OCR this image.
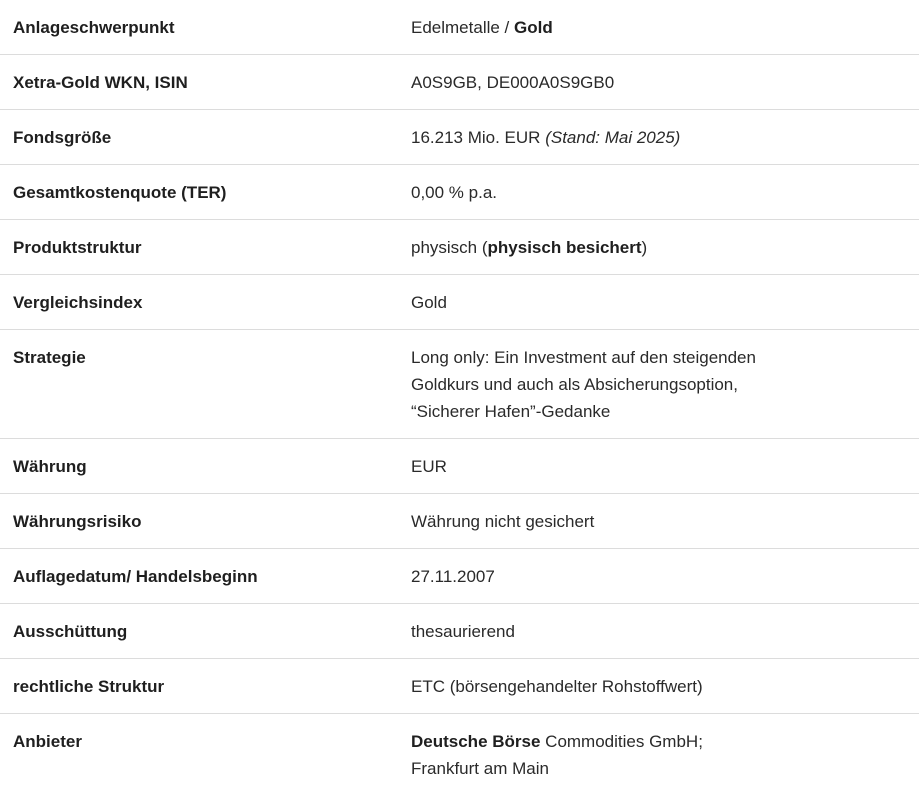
Anlageschwerpunkt	Edelmetalle / Gold
Xetra-Gold WKN, ISIN	A0S9GB, DE000A0S9GB0
Fondsgröße	16.213 Mio. EUR (Stand: Mai 2025)
Gesamtkostenquote (TER)	0,00 % p.a.
Produktstruktur	physisch (physisch besichert)
Vergleichsindex	Gold
Strategie	Long only: Ein Investment auf den steigenden
Goldkurs und auch als Absicherungsoption,
“Sicherer Hafen”-Gedanke

Währung	EUR
Währungsrisiko	Währung nicht gesichert
Auflagedatum/ Handelsbeginn	27.11.2007
Ausschüttung	thesaurierend
rechtliche Struktur	ETC (börsengehandelter Rohstoffwert)
Anbieter	Deutsche Börse Commodities GmbH;
Frankfurt am Main
